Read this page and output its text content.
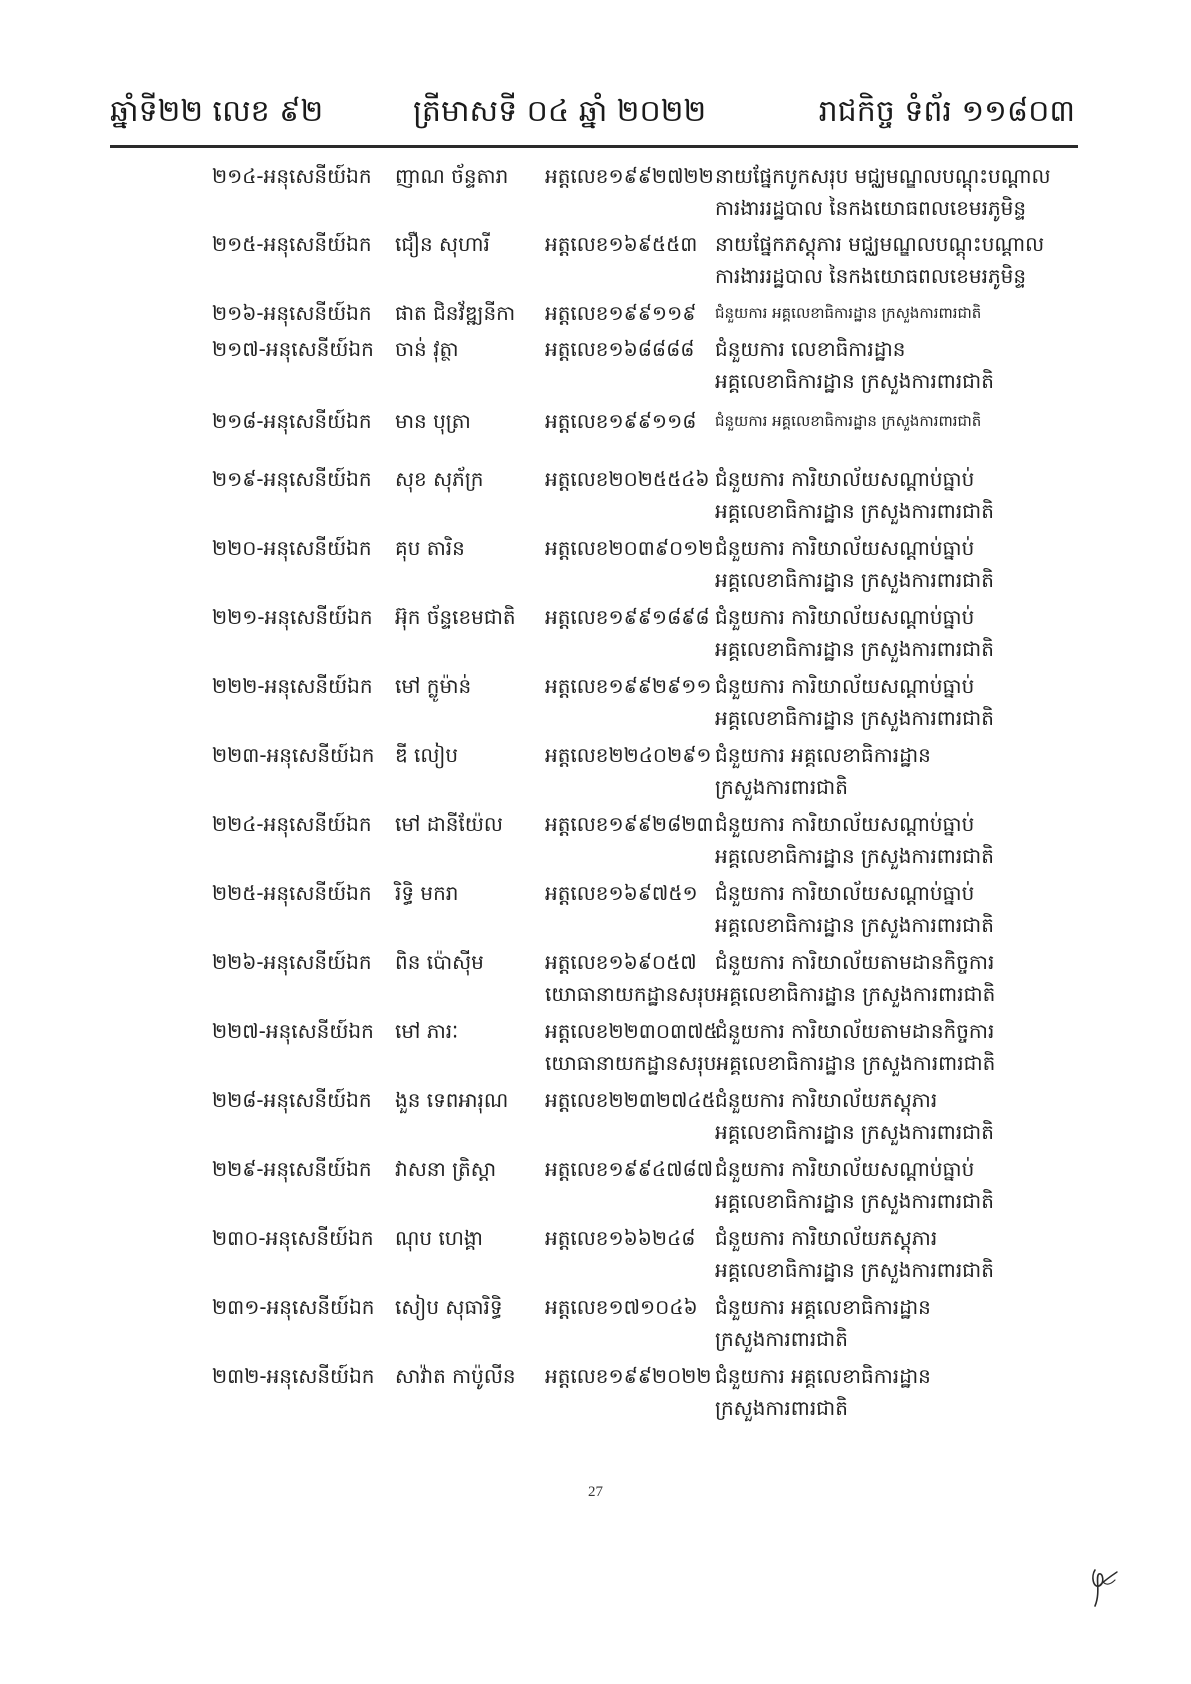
ឆ្នាំទី២២ លេខ ៩២	ត្រីមាសទី ០៤ ឆ្នាំ ២០២២	រាជកិច្ច ទំព័រ ១១៨០៣
២១៤-អនុសេនីយ៍ឯក ញាណ ច័ន្ទតារា អត្តលេខ១៩៩២៧២២ នាយផ្នែកបូកសរុប មជ្ឈមណ្ឌលបណ្ដុះបណ្ដាល
ការងាររដ្ឋបាល នៃកងយោធពលខេមរភូមិន្ទ
២១៥-អនុសេនីយ៍ឯក ជឿន សុហារី	អត្តលេខ១៦៩៥៥៣ នាយផ្នែកភស្តុភារ មជ្ឈមណ្ឌលបណ្ដុះបណ្ដាល
ការងាររដ្ឋបាល នៃកងយោធពលខេមរភូមិន្ទ
២១៦-អនុសេនីយ៍ឯក ផាត ជិនវ័ឌ្ឍនីកា អត្តលេខ១៩៩១១៩ ជំនួយការ អគ្គលេខាធិការដ្ឋាន ក្រសួងការពារជាតិ
២១៧-អនុសេនីយ៍ឯក ចាន់ វុត្ថា	អត្តលេខ១៦៨៨៨៨ ជំនួយការ លេខាធិការដ្ឋាន
អគ្គលេខាធិការដ្ឋាន ក្រសួងការពារជាតិ
២១៨-អនុសេនីយ៍ឯក មាន បុត្រា	អត្តលេខ១៩៩១១៨ ជំនួយការ អគ្គលេខាធិការដ្ឋាន ក្រសួងការពារជាតិ
២១៩-អនុសេនីយ៍ឯក សុខ សុភ័ក្រ	អត្តលេខ២០២៥៥៤៦ ជំនួយការ ការិយាល័យសណ្ដាប់ធ្នាប់
អគ្គលេខាធិការដ្ឋាន ក្រសួងការពារជាតិ
២២០-អនុសេនីយ៍ឯក គុប តារិន	អត្តលេខ២០៣៩០១២ ជំនួយការ ការិយាល័យសណ្ដាប់ធ្នាប់
អគ្គលេខាធិការដ្ឋាន ក្រសួងការពារជាតិ
២២១-អនុសេនីយ៍ឯក អ៊ុក ច័ន្ទខេមជាតិ អត្តលេខ១៩៩១៨៩៨ ជំនួយការ ការិយាល័យសណ្ដាប់ធ្នាប់
អគ្គលេខាធិការដ្ឋាន ក្រសួងការពារជាតិ
២២២-អនុសេនីយ៍ឯក មៅ ក្លូម៉ាន់	អត្តលេខ១៩៩២៩១១ ជំនួយការ ការិយាល័យសណ្ដាប់ធ្នាប់
អគ្គលេខាធិការដ្ឋាន ក្រសួងការពារជាតិ
២២៣-អនុសេនីយ៍ឯក ឌី លៀប	អត្តលេខ២២៤០២៩១ ជំនួយការ អគ្គលេខាធិការដ្ឋាន
ក្រសួងការពារជាតិ
២២៤-អនុសេនីយ៍ឯក មៅ ដានីយ៉ែល អត្តលេខ១៩៩២៨២៣ ជំនួយការ ការិយាល័យសណ្ដាប់ធ្នាប់
អគ្គលេខាធិការដ្ឋាន ក្រសួងការពារជាតិ
២២៥-អនុសេនីយ៍ឯក រិទ្ធិ មករា	អត្តលេខ១៦៩៧៥១ ជំនួយការ ការិយាល័យសណ្ដាប់ធ្នាប់
អគ្គលេខាធិការដ្ឋាន ក្រសួងការពារជាតិ
២២៦-អនុសេនីយ៍ឯក ពិន ប៉ោស៊ីម	អត្តលេខ១៦៩០៥៧ ជំនួយការ ការិយាល័យតាមដានកិច្ចការ
យោធានាយកដ្ឋានសរុបអគ្គលេខាធិការដ្ឋាន ក្រសួងការពារជាតិ
២២៧-អនុសេនីយ៍ឯក មៅ ភារៈ	អត្តលេខ២២៣០៣៧៥
ជំនួយការ ការិយាល័យតាមដានកិច្ចការ
យោធានាយកដ្ឋានសរុបអគ្គលេខាធិការដ្ឋាន ក្រសួងការពារជាតិ
២២៨-អនុសេនីយ៍ឯក ងួន ទេពអារុណ អត្តលេខ២២៣២៧៤៥ ជំនួយការ ការិយាល័យភស្តុភារ
អគ្គលេខាធិការដ្ឋាន ក្រសួងការពារជាតិ
២២៩-អនុសេនីយ៍ឯក វាសនា ត្រិស្ដា អត្តលេខ១៩៩៤៧៨៧ ជំនួយការ ការិយាល័យសណ្ដាប់ធ្នាប់
អគ្គលេខាធិការដ្ឋាន ក្រសួងការពារជាតិ
២៣០-អនុសេនីយ៍ឯក ណុប ហេង្គា	អត្តលេខ១៦៦២៤៨ ជំនួយការ ការិយាល័យភស្តុភារ
អគ្គលេខាធិការដ្ឋាន ក្រសួងការពារជាតិ
២៣១-អនុសេនីយ៍ឯក សៀប សុធារិទ្ធិ អត្តលេខ១៧១០៤៦ ជំនួយការ អគ្គលេខាធិការដ្ឋាន
ក្រសួងការពារជាតិ
២៣២-អនុសេនីយ៍ឯក សាវ៉ាត កាប៉ូលីន អត្តលេខ១៩៩២០២២ ជំនួយការ អគ្គលេខាធិការដ្ឋាន
ក្រសួងការពារជាតិ
27
